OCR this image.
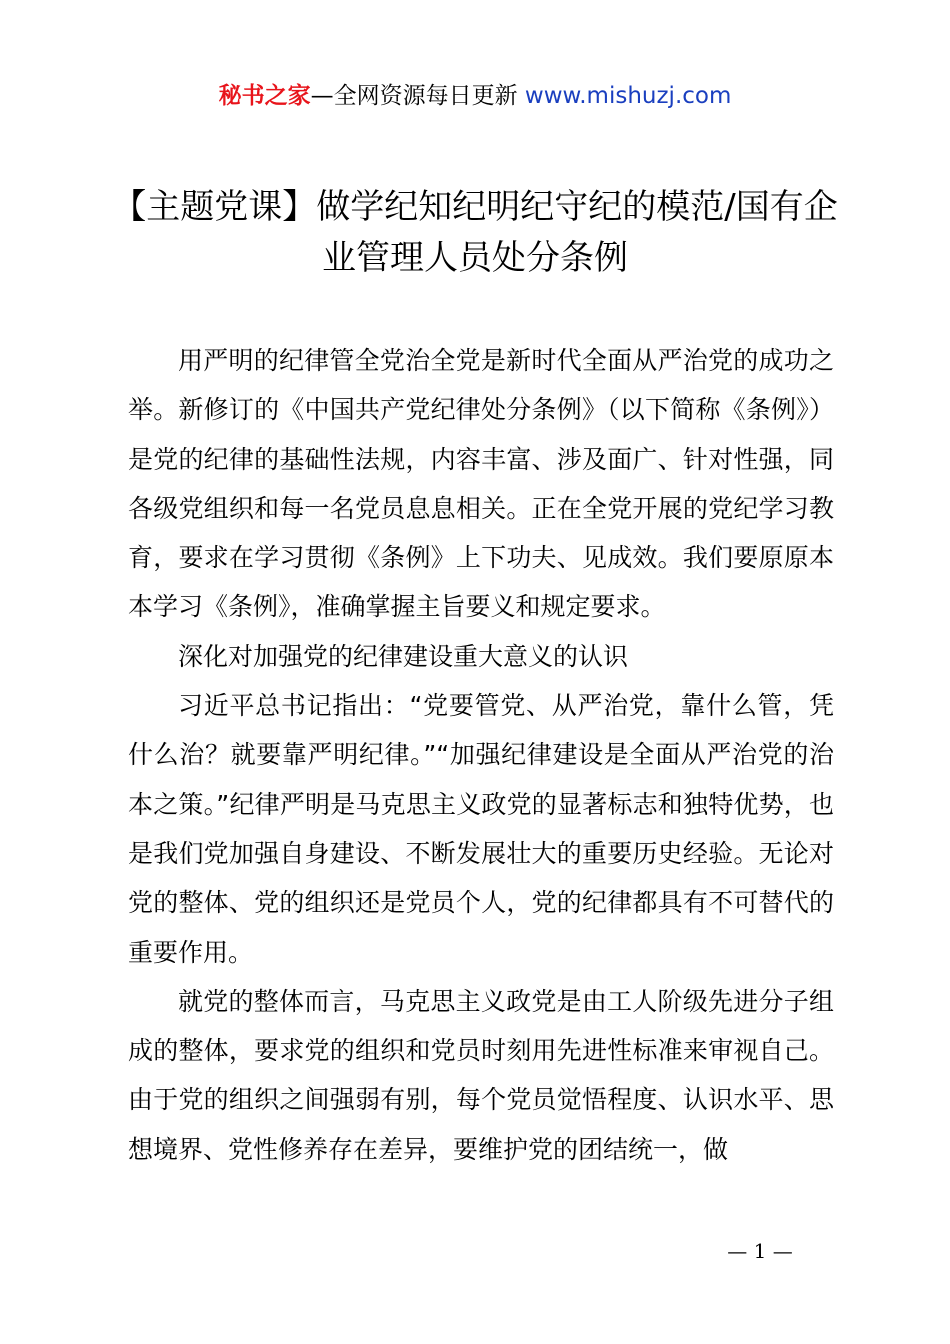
秘书之家—全网资源每日更新 www.mishuzj.com
【主题党课】做学纪知纪明纪守纪的模范/国有企业管理人员处分条例

用严明的纪律管全党治全党是新时代全面从严治党的成功之举。新修订的《中国共产党纪律处分条例》（以下简称《条例》）是党的纪律的基础性法规，内容丰富、涉及面广、针对性强，同各级党组织和每一名党员息息相关。正在全党开展的党纪学习教育，要求在学习贯彻《条例》上下功夫、见成效。我们要原原本本学习《条例》，准确掌握主旨要义和规定要求。

深化对加强党的纪律建设重大意义的认识

习近平总书记指出：“党要管党、从严治党，靠什么管，凭什么治？就要靠严明纪律。”“加强纪律建设是全面从严治党的治本之策。”纪律严明是马克思主义政党的显著标志和独特优势，也是我们党加强自身建设、不断发展壮大的重要历史经验。无论对党的整体、党的组织还是党员个人，党的纪律都具有不可替代的重要作用。

就党的整体而言，马克思主义政党是由工人阶级先进分子组成的整体，要求党的组织和党员时刻用先进性标准来审视自己。由于党的组织之间强弱有别，每个党员觉悟程度、认识水平、思想境界、党性修养存在差异，要维护党的团结统一，做

— 1 —
